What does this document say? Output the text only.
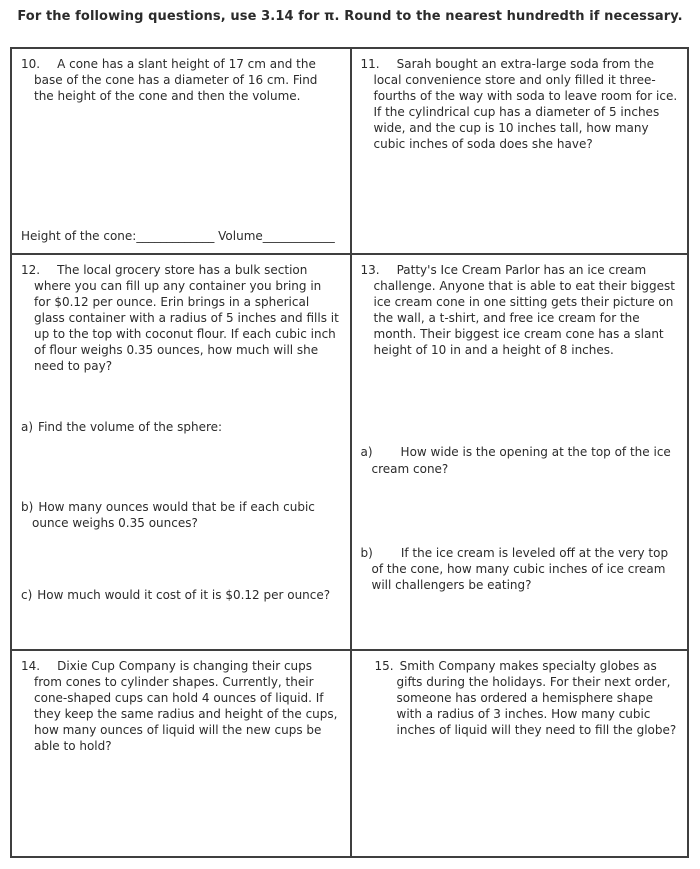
For the following questions, use 3.14 for π. Round to the nearest hundredth if necessary.

10. A cone has a slant height of 17 cm and the base of the cone has a diameter of 16 cm. Find the height of the cone and then the volume.

Height of the cone:_____________ Volume____________

11. Sarah bought an extra-large soda from the local convenience store and only filled it three-fourths of the way with soda to leave room for ice. If the cylindrical cup has a diameter of 5 inches wide, and the cup is 10 inches tall, how many cubic inches of soda does she have?

12. The local grocery store has a bulk section where you can fill up any container you bring in for $0.12 per ounce. Erin brings in a spherical glass container with a radius of 5 inches and fills it up to the top with coconut flour. If each cubic inch of flour weighs 0.35 ounces, how much will she need to pay?

a) Find the volume of the sphere:

b) How many ounces would that be if each cubic ounce weighs 0.35 ounces?

c) How much would it cost of it is $0.12 per ounce?

13. Patty's Ice Cream Parlor has an ice cream challenge. Anyone that is able to eat their biggest ice cream cone in one sitting gets their picture on the wall, a t-shirt, and free ice cream for the month. Their biggest ice cream cone has a slant height of 10 in and a height of 8 inches.

a) How wide is the opening at the top of the ice cream cone?

b) If the ice cream is leveled off at the very top of the cone, how many cubic inches of ice cream will challengers be eating?

14. Dixie Cup Company is changing their cups from cones to cylinder shapes. Currently, their cone-shaped cups can hold 4 ounces of liquid. If they keep the same radius and height of the cups, how many ounces of liquid will the new cups be able to hold?

15. Smith Company makes specialty globes as gifts during the holidays. For their next order, someone has ordered a hemisphere shape with a radius of 3 inches. How many cubic inches of liquid will they need to fill the globe?
